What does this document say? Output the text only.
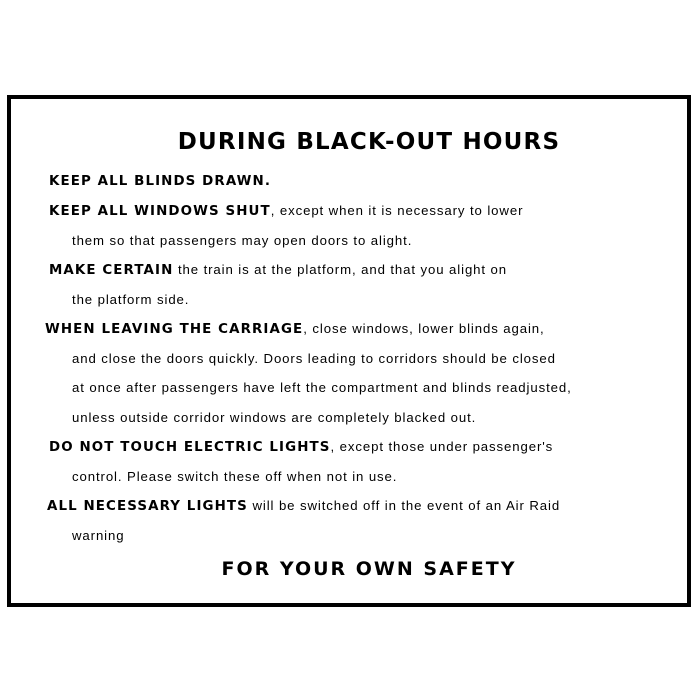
DURING BLACK-OUT HOURS

KEEP ALL BLINDS DRAWN.

KEEP ALL WINDOWS SHUT, except when it is necessary to lower

them so that passengers may open doors to alight.

MAKE CERTAIN the train is at the platform, and that you alight on

the platform side.

WHEN LEAVING THE CARRIAGE, close windows, lower blinds again,

and close the doors quickly. Doors leading to corridors should be closed

at once after passengers have left the compartment and blinds readjusted,

unless outside corridor windows are completely blacked out.

DO NOT TOUCH ELECTRIC LIGHTS, except those under passenger's

control. Please switch these off when not in use.

ALL NECESSARY LIGHTS will be switched off in the event of an Air Raid

warning

FOR YOUR OWN SAFETY
